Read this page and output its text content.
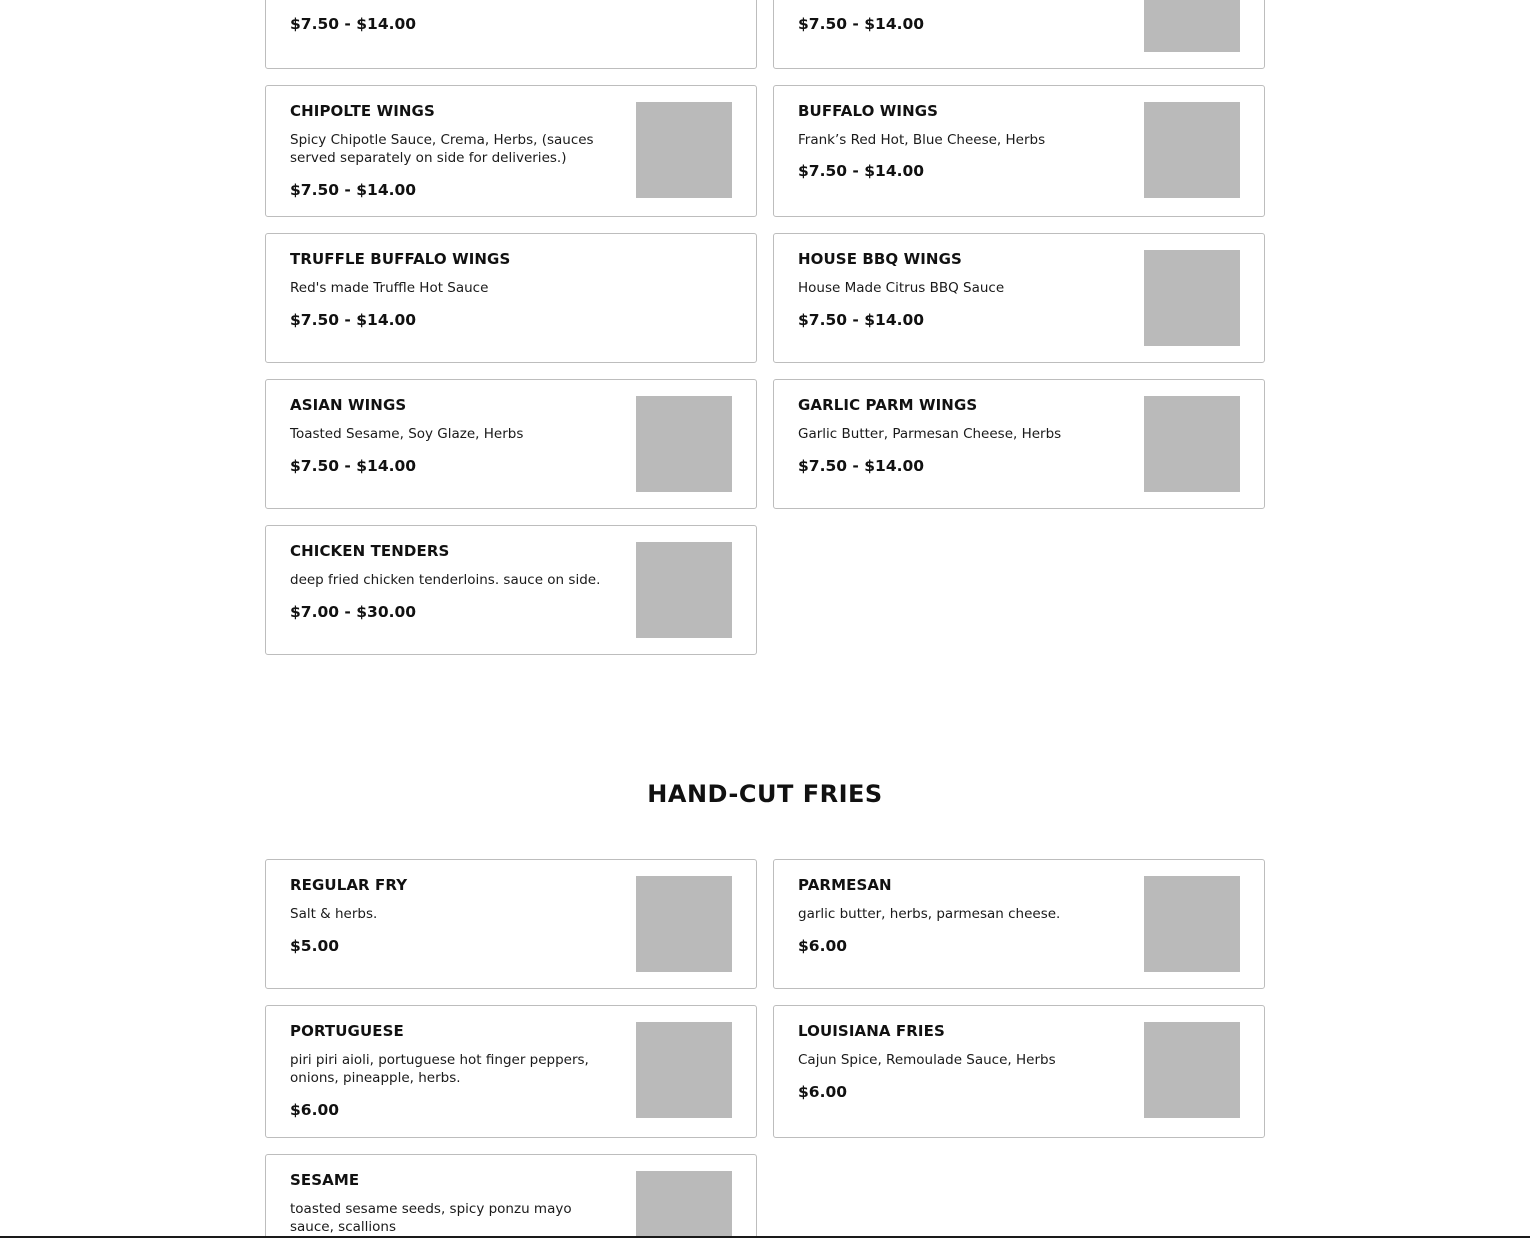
$7.50 - $14.00	$7.50 - $14.00
CHIPOLTE WINGS
Spicy Chipotle Sauce, Crema, Herbs, (sauces served separately on side for deliveries.)
$7.50 - $14.00
BUFFALO WINGS
Frank’s Red Hot, Blue Cheese, Herbs
$7.50 - $14.00
TRUFFLE BUFFALO WINGS
Red's made Truffle Hot Sauce
$7.50 - $14.00
HOUSE BBQ WINGS
House Made Citrus BBQ Sauce
$7.50 - $14.00
ASIAN WINGS
Toasted Sesame, Soy Glaze, Herbs
$7.50 - $14.00
GARLIC PARM WINGS
Garlic Butter, Parmesan Cheese, Herbs
$7.50 - $14.00
CHICKEN TENDERS
deep fried chicken tenderloins. sauce on side.
$7.00 - $30.00
HAND-CUT FRIES
REGULAR FRY
Salt & herbs.
$5.00
PARMESAN
garlic butter, herbs, parmesan cheese.
$6.00
PORTUGUESE
piri piri aioli, portuguese hot finger peppers, onions, pineapple, herbs.
$6.00
LOUISIANA FRIES
Cajun Spice, Remoulade Sauce, Herbs
$6.00
SESAME
toasted sesame seeds, spicy ponzu mayo sauce, scallions
